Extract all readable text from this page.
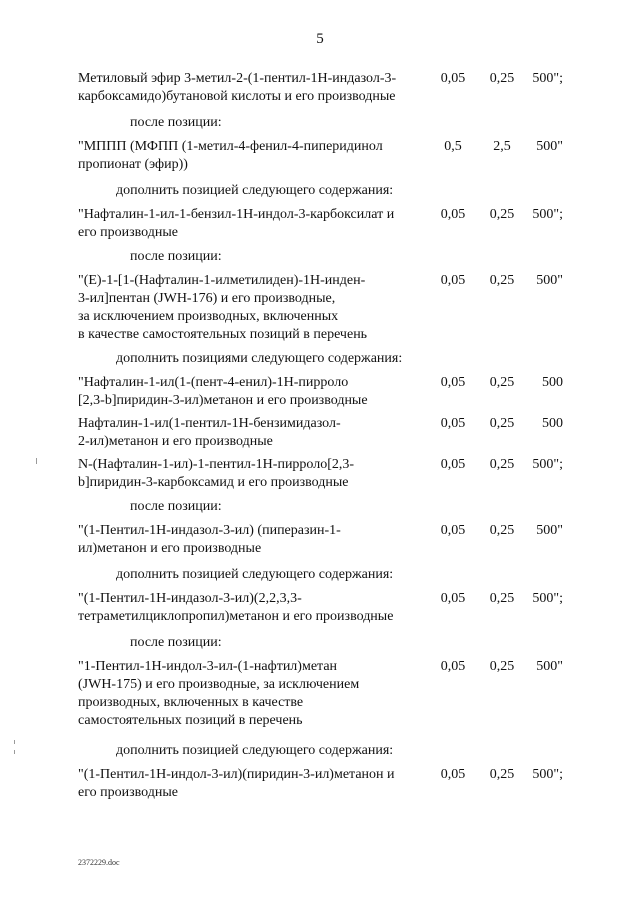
5
Метиловый эфир 3-метил-2-(1-пентил-1Н-индазол-3-
карбоксамидо)бутановой кислоты и его производные
0,05	0,25	500";
после позиции:
"МППП (МФПП (1-метил-4-фенил-4-пиперидинол
пропионат (эфир))
0,5	2,5	500"
дополнить позицией следующего содержания:
"Нафталин-1-ил-1-бензил-1Н-индол-3-карбоксилат и
его производные
0,05	0,25	500";
после позиции:
"(E)-1-[1-(Нафталин-1-илметилиден)-1Н-инден-
3-ил]пентан (JWH-176) и его производные,
за исключением производных, включенных
в качестве самостоятельных позиций в перечень
0,05	0,25	500"
дополнить позициями следующего содержания:
"Нафталин-1-ил(1-(пент-4-енил)-1Н-пирроло
[2,3-b]пиридин-3-ил)метанон и его производные
0,05	0,25	500
Нафталин-1-ил(1-пентил-1Н-бензимидазол-
2-ил)метанон и его производные
0,05	0,25	500
N-(Нафталин-1-ил)-1-пентил-1Н-пирроло[2,3-
b]пиридин-3-карбоксамид и его производные
0,05	0,25	500";
после позиции:
"(1-Пентил-1Н-индазол-3-ил) (пиперазин-1-
ил)метанон и его производные
0,05	0,25	500"
дополнить позицией следующего содержания:
"(1-Пентил-1Н-индазол-3-ил)(2,2,3,3-
тетраметилциклопропил)метанон и его производные
0,05	0,25	500";
после позиции:
"1-Пентил-1Н-индол-3-ил-(1-нафтил)метан
(JWH-175) и его производные, за исключением
производных, включенных в качестве
самостоятельных позиций в перечень
0,05	0,25	500"
дополнить позицией следующего содержания:
"(1-Пентил-1Н-индол-3-ил)(пиридин-3-ил)метанон и
его производные
0,05	0,25	500";
2372229.doc
